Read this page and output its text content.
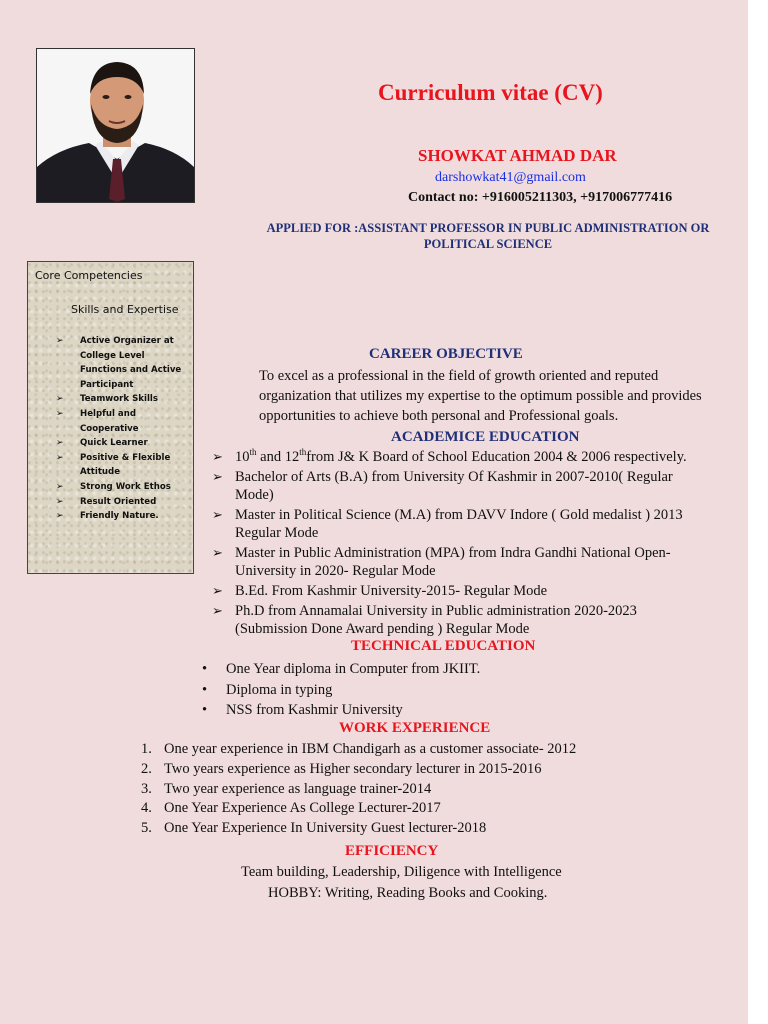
Curriculum vitae (CV)
SHOWKAT AHMAD DAR
darshowkat41@gmail.com
Contact no: +916005211303, +917006777416
APPLIED FOR :ASSISTANT PROFESSOR IN PUBLIC ADMINISTRATION OR
POLITICAL SCIENCE
Core Competencies
Skills and Expertise
➢ Active Organizer at College Level Functions and Active Participant
➢ Teamwork Skills
➢ Helpful and Cooperative
➢ Quick Learner
➢ Positive & Flexible Attitude
➢ Strong Work Ethos
➢ Result Oriented
➢ Friendly Nature.
CAREER OBJECTIVE
To excel as a professional in the field of growth oriented and reputed organization that utilizes my expertise to the optimum possible and provides opportunities to achieve both personal and Professional goals.
ACADEMICE EDUCATION
➢ 10th and 12thfrom J& K Board of School Education 2004 & 2006 respectively.
➢ Bachelor of Arts (B.A) from University Of Kashmir in 2007-2010( Regular Mode)
➢ Master in Political Science (M.A) from DAVV Indore ( Gold medalist ) 2013 Regular Mode
➢ Master in Public Administration (MPA) from Indra Gandhi National Open-University in 2020- Regular Mode
➢ B.Ed. From Kashmir University-2015- Regular Mode
➢ Ph.D from Annamalai University in Public administration 2020-2023 (Submission Done Award pending ) Regular Mode
TECHNICAL EDUCATION
• One Year diploma in Computer from JKIIT.
• Diploma in typing
• NSS from Kashmir University
WORK EXPERIENCE
1. One year experience in IBM Chandigarh as a customer associate- 2012
2. Two years experience as Higher secondary lecturer in 2015-2016
3. Two year experience as language trainer-2014
4. One Year Experience As College Lecturer-2017
5. One Year Experience In University Guest lecturer-2018
EFFICIENCY
Team building, Leadership, Diligence with Intelligence
HOBBY: Writing, Reading Books and Cooking.
